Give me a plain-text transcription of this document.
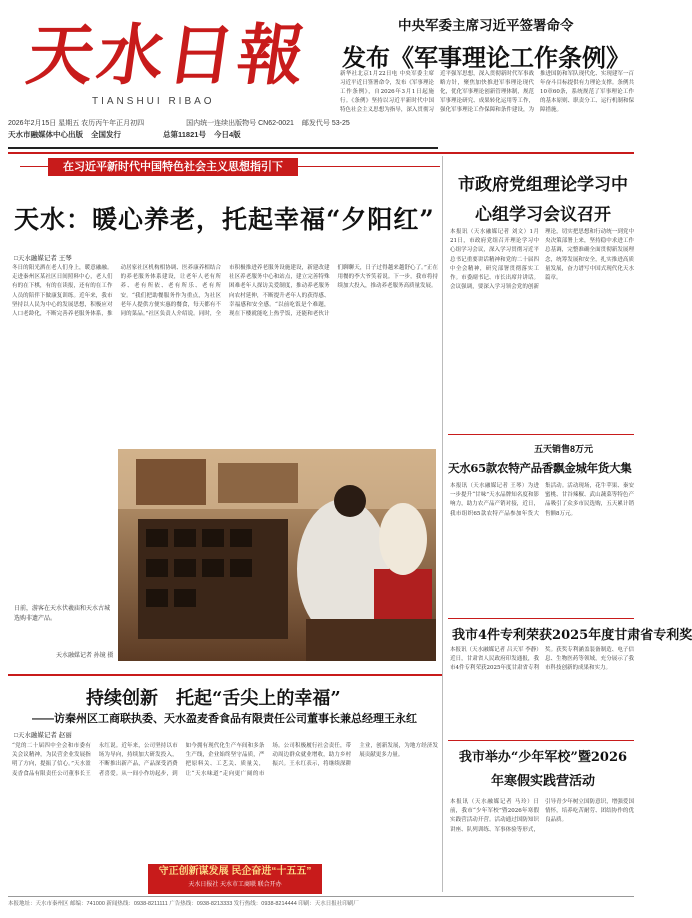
天水日報
TIANSHUI RIBAO
2026年2月15日 星期五 农历丙午年正月初四	国内统一连续出版物号 CN62-0021 邮发代号 53-25
天水市融媒体中心出版 全国发行	总第11821号 今日4版
中央军委主席习近平签署命令
发布《军事理论工作条例》
新华社北京1月22日电 中央军委主席习近平近日签署命令，发布《军事理论工作条例》，自2026年3月1日起施行。《条例》坚持以习近平新时代中国特色社会主义思想为指导，深入贯彻习近平强军思想，深入贯彻新时代军事战略方针，聚焦加快推进军事理论现代化，优化军事理论创新管理体制，规范军事理论研究、成果转化运用等工作，强化军事理论工作保障和条件建设，为推进国防和军队现代化、实现建军一百年奋斗目标提供有力理论支撑。条例共10章60条，系统规范了军事理论工作的基本原则、职责分工、运行机制和保障措施。
在习近平新时代中国特色社会主义思想指引下
天水：暖心养老，托起幸福“夕阳红”
□天水融媒记者 王琴
冬日的阳光洒在老人们身上，暖意融融。走进秦州区某社区日间照料中心，老人们有的在下棋，有的在读报，还有的在工作人员的陪伴下做康复训练。近年来，我市坚持以人民为中心的发展思想，积极应对人口老龄化，不断完善养老服务体系，推动居家社区机构相协调、医养康养相结合的养老服务体系建设，让老年人老有所养、老有所依、老有所乐、老有所安。“我们把助餐服务作为重点，为社区老年人提供方便实惠的餐食，每天都有不同的菜品。”社区负责人介绍说。同时，全市积极推进养老服务设施建设，新建改建社区养老服务中心和站点，建立完善特殊困难老年人探访关爱制度，推动养老服务向农村延伸，不断提升老年人的获得感、幸福感和安全感。“以前吃饭是个难题，现在下楼就能吃上热乎饭，还能和老伙计们聊聊天，日子过得越来越舒心了。”正在用餐的李大爷笑着说。下一步，我市将持续加大投入，推动养老服务高质量发展。
日前，游客在天水伏羲庙和天水古城选购非遗产品。
天水融媒记者 孙镜 摄
持续创新　托起“舌尖上的幸福”
——访秦州区工商联执委、天水盈麦香食品有限责任公司董事长兼总经理王永红
□天水融媒记者 赵丽
“党的二十届四中全会和市委有关会议精神，为民营企业发展指明了方向，提振了信心。”天水盈麦香食品有限责任公司董事长王永红说。近年来，公司坚持以市场为导向，持续加大研发投入，不断推出新产品，产品深受消费者喜爱。从一间小作坊起步，到如今拥有现代化生产车间和多条生产线，企业始终坚守品质，严把原料关、工艺关、质量关，让“天水味道”走向更广阔的市场。公司积极履行社会责任，带动周边群众就业增收，助力乡村振兴。王永红表示，将继续深耕主业，创新发展，为地方经济发展贡献更多力量。
守正创新谋发展 民企奋进“十五五”
天水日报社 天水市工商联 联合开办
市政府党组理论学习中心组学习会议召开
本报讯（天水融媒记者 刘文）1月21日，市政府党组召开理论学习中心组学习会议，深入学习贯彻习近平总书记重要讲话精神和党的二十届四中全会精神，研究部署贯彻落实工作。市委副书记、市长出席并讲话。会议强调，要深入学习领会党的创新理论，切实把思想和行动统一到党中央决策部署上来，坚持稳中求进工作总基调，完整准确全面贯彻新发展理念，统筹发展和安全，扎实推进高质量发展，奋力谱写中国式现代化天水篇章。
五天销售8万元
天水65款农特产品香飘金城年货大集
本报讯（天水融媒记者 王琴）为进一步提升“甘味”天水品牌知名度和影响力，助力农产品产销对接，近日，我市组织65款农特产品参加年货大集活动。活动现场，花牛苹果、秦安蜜桃、甘谷辣椒、武山蔬菜等特色产品吸引了众多市民选购，五天累计销售额8万元。
我市4件专利荣获2025年度甘肃省专利奖
本报讯（天水融媒记者 吕天军 李静）近日，甘肃省人民政府印发通报，我市4件专利荣获2025年度甘肃省专利奖。获奖专利涵盖装备制造、电子信息、生物医药等领域，充分展示了我市科技创新的成果和实力。
我市举办“少年军校”暨2026年寒假实践营活动
本报讯（天水融媒记者 马玲）日前，我市“少年军校”暨2026年寒假实践营活动开营。活动通过国防知识讲座、队列训练、军事体验等形式，引导青少年树立国防意识，增强爱国情怀，培养吃苦耐劳、团结协作的优良品质。
本报地址：天水市秦州区 邮编：741000 新闻热线：0938-8211111 广告热线：0938-8213333 发行热线：0938-8214444 印刷：天水日报社印刷厂
